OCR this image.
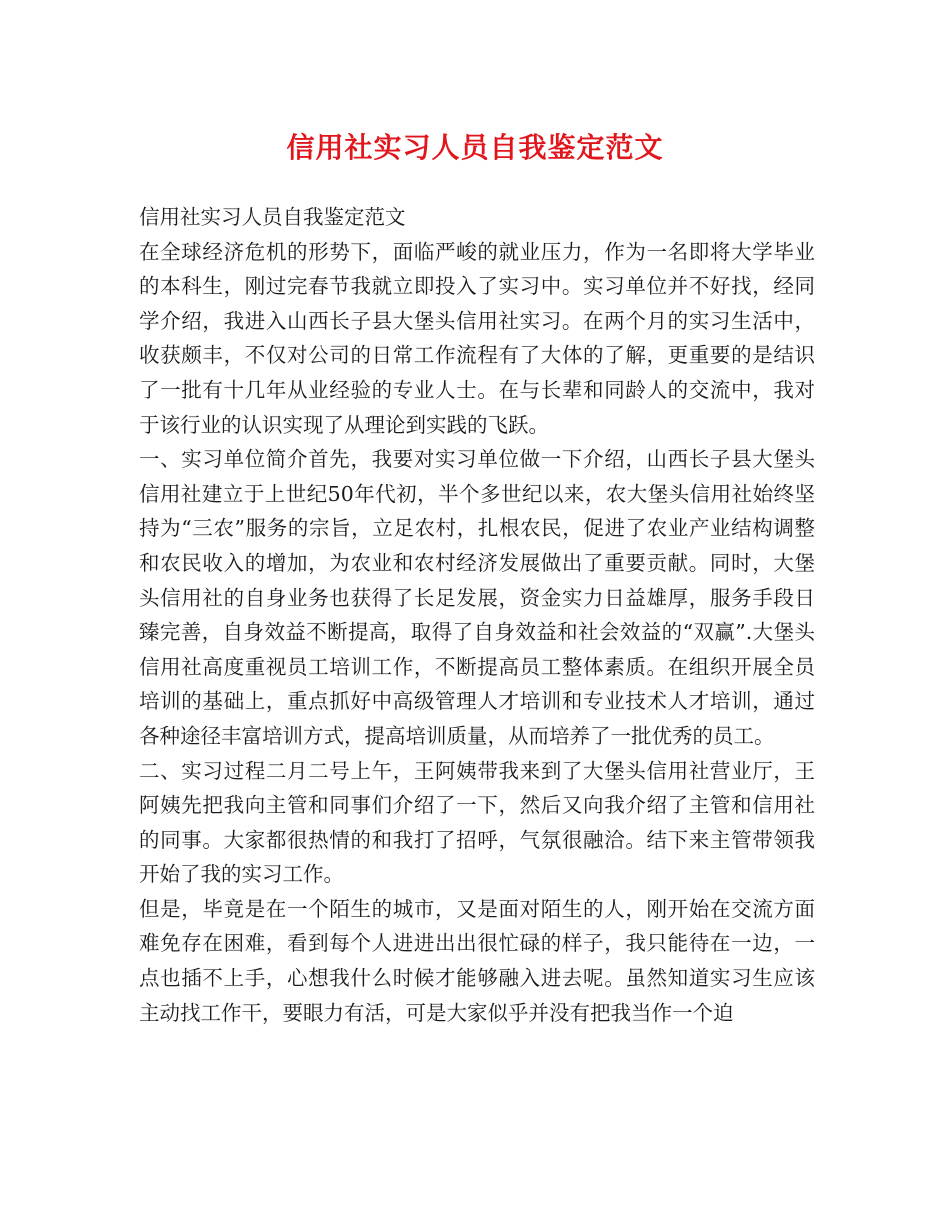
信用社实习人员自我鉴定范文

信用社实习人员自我鉴定范文

在全球经济危机的形势下，面临严峻的就业压力，作为一名即将大学毕业的本科生，刚过完春节我就立即投入了实习中。实习单位并不好找，经同学介绍，我进入山西长子县大堡头信用社实习。在两个月的实习生活中，收获颇丰，不仅对公司的日常工作流程有了大体的了解，更重要的是结识了一批有十几年从业经验的专业人士。在与长辈和同龄人的交流中，我对于该行业的认识实现了从理论到实践的飞跃。

一、实习单位简介首先，我要对实习单位做一下介绍，山西长子县大堡头信用社建立于上世纪50年代初，半个多世纪以来，农大堡头信用社始终坚持为“三农”服务的宗旨，立足农村，扎根农民，促进了农业产业结构调整和农民收入的增加，为农业和农村经济发展做出了重要贡献。同时，大堡头信用社的自身业务也获得了长足发展，资金实力日益雄厚，服务手段日臻完善，自身效益不断提高，取得了自身效益和社会效益的“双赢”.大堡头信用社高度重视员工培训工作，不断提高员工整体素质。在组织开展全员培训的基础上，重点抓好中高级管理人才培训和专业技术人才培训，通过各种途径丰富培训方式，提高培训质量，从而培养了一批优秀的员工。

二、实习过程二月二号上午，王阿姨带我来到了大堡头信用社营业厅，王阿姨先把我向主管和同事们介绍了一下，然后又向我介绍了主管和信用社的同事。大家都很热情的和我打了招呼，气氛很融洽。结下来主管带领我开始了我的实习工作。

但是，毕竟是在一个陌生的城市，又是面对陌生的人，刚开始在交流方面难免存在困难，看到每个人进进出出很忙碌的样子，我只能待在一边，一点也插不上手，心想我什么时候才能够融入进去呢。虽然知道实习生应该主动找工作干，要眼力有活，可是大家似乎并没有把我当作一个迫
